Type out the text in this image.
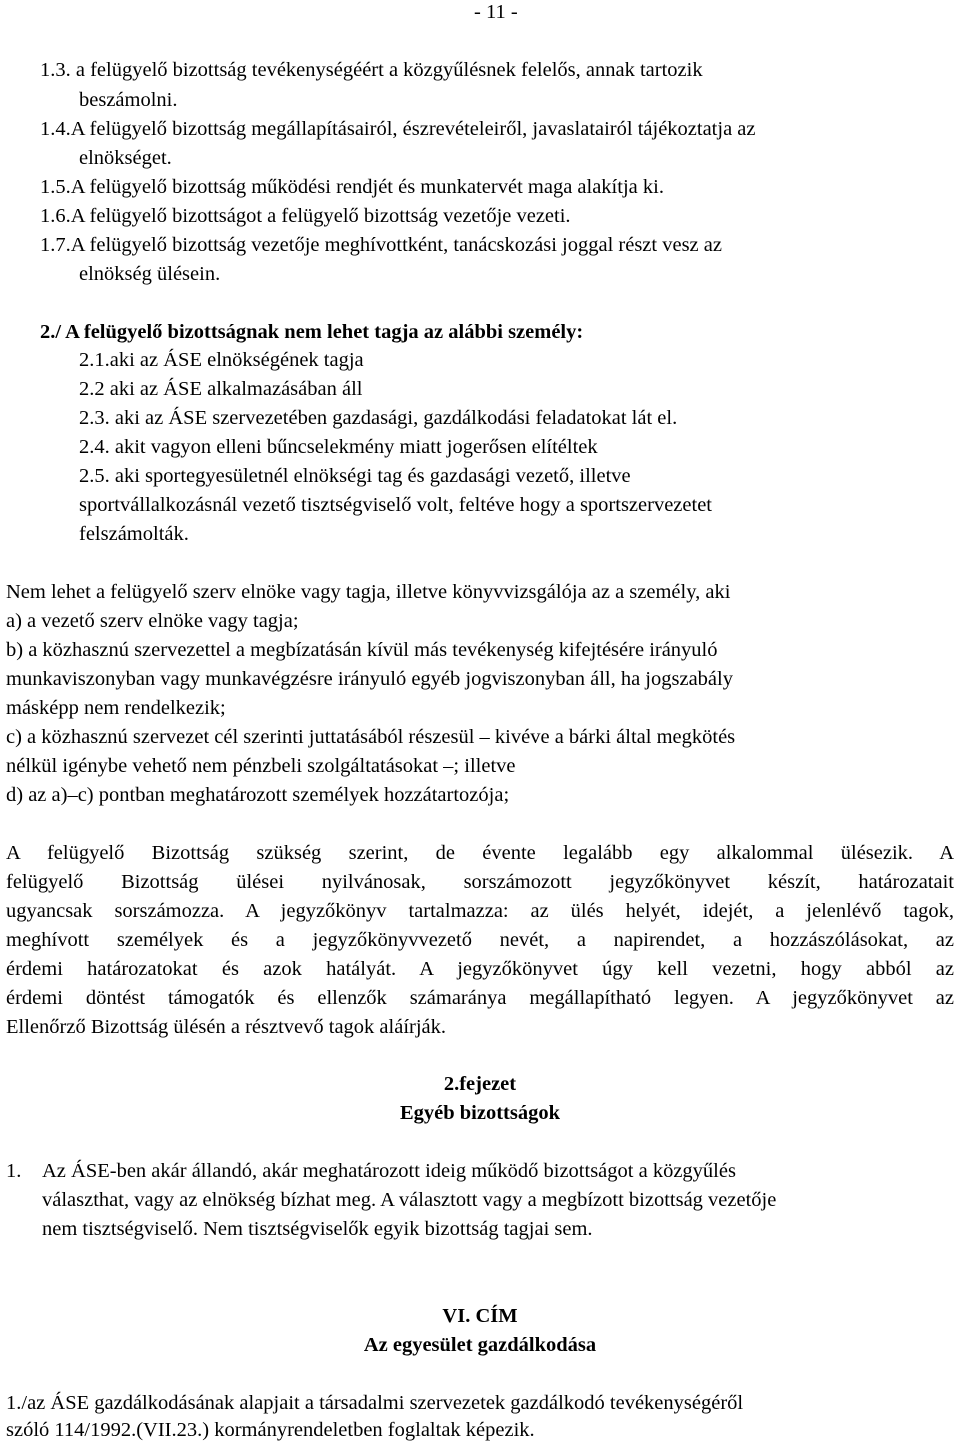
- 11 -
1.3. a felügyelő bizottság tevékenységéért a közgyűlésnek felelős, annak tartozik
beszámolni.
1.4.A felügyelő bizottság megállapításairól, észrevételeiről, javaslatairól tájékoztatja az
elnökséget.
1.5.A felügyelő bizottság működési rendjét és munkatervét maga alakítja ki.
1.6.A felügyelő bizottságot a felügyelő bizottság vezetője vezeti.
1.7.A felügyelő bizottság vezetője meghívottként, tanácskozási joggal részt vesz az
elnökség ülésein.
2./ A felügyelő bizottságnak nem lehet tagja az alábbi személy:
2.1.aki az ÁSE elnökségének tagja
2.2 aki az ÁSE alkalmazásában áll
2.3. aki az ÁSE szervezetében gazdasági, gazdálkodási feladatokat lát el.
2.4. akit vagyon elleni bűncselekmény miatt jogerősen elítéltek
2.5. aki sportegyesületnél elnökségi tag és gazdasági vezető, illetve
sportvállalkozásnál vezető tisztségviselő volt, feltéve hogy a sportszervezetet
felszámolták.
Nem lehet a felügyelő szerv elnöke vagy tagja, illetve könyvvizsgálója az a személy, aki
a) a vezető szerv elnöke vagy tagja;
b) a közhasznú szervezettel a megbízatásán kívül más tevékenység kifejtésére irányuló
munkaviszonyban vagy munkavégzésre irányuló egyéb jogviszonyban áll, ha jogszabály
másképp nem rendelkezik;
c) a közhasznú szervezet cél szerinti juttatásából részesül – kivéve a bárki által megkötés
nélkül igénybe vehető nem pénzbeli szolgáltatásokat –; illetve
d) az a)–c) pontban meghatározott személyek hozzátartozója;
A felügyelő Bizottság szükség szerint, de évente legalább egy alkalommal ülésezik. A
felügyelő Bizottság ülései nyilvánosak, sorszámozott jegyzőkönyvet készít, határozatait
ugyancsak sorszámozza. A jegyzőkönyv tartalmazza: az ülés helyét, idejét, a jelenlévő tagok,
meghívott személyek és a jegyzőkönyvvezető nevét, a napirendet, a hozzászólásokat, az
érdemi határozatokat és azok hatályát. A jegyzőkönyvet úgy kell vezetni, hogy abból az
érdemi döntést támogatók és ellenzők számaránya megállapítható legyen. A jegyzőkönyvet az
Ellenőrző Bizottság ülésén a résztvevő tagok aláírják.
2.fejezet
Egyéb bizottságok
1. Az ÁSE-ben akár állandó, akár meghatározott ideig működő bizottságot a közgyűlés
választhat, vagy az elnökség bízhat meg. A választott vagy a megbízott bizottság vezetője
nem tisztségviselő. Nem tisztségviselők egyik bizottság tagjai sem.
VI. CÍM
Az egyesület gazdálkodása
1./az ÁSE gazdálkodásának alapjait a társadalmi szervezetek gazdálkodó tevékenységéről
szóló 114/1992.(VII.23.) kormányrendeletben foglaltak képezik.
